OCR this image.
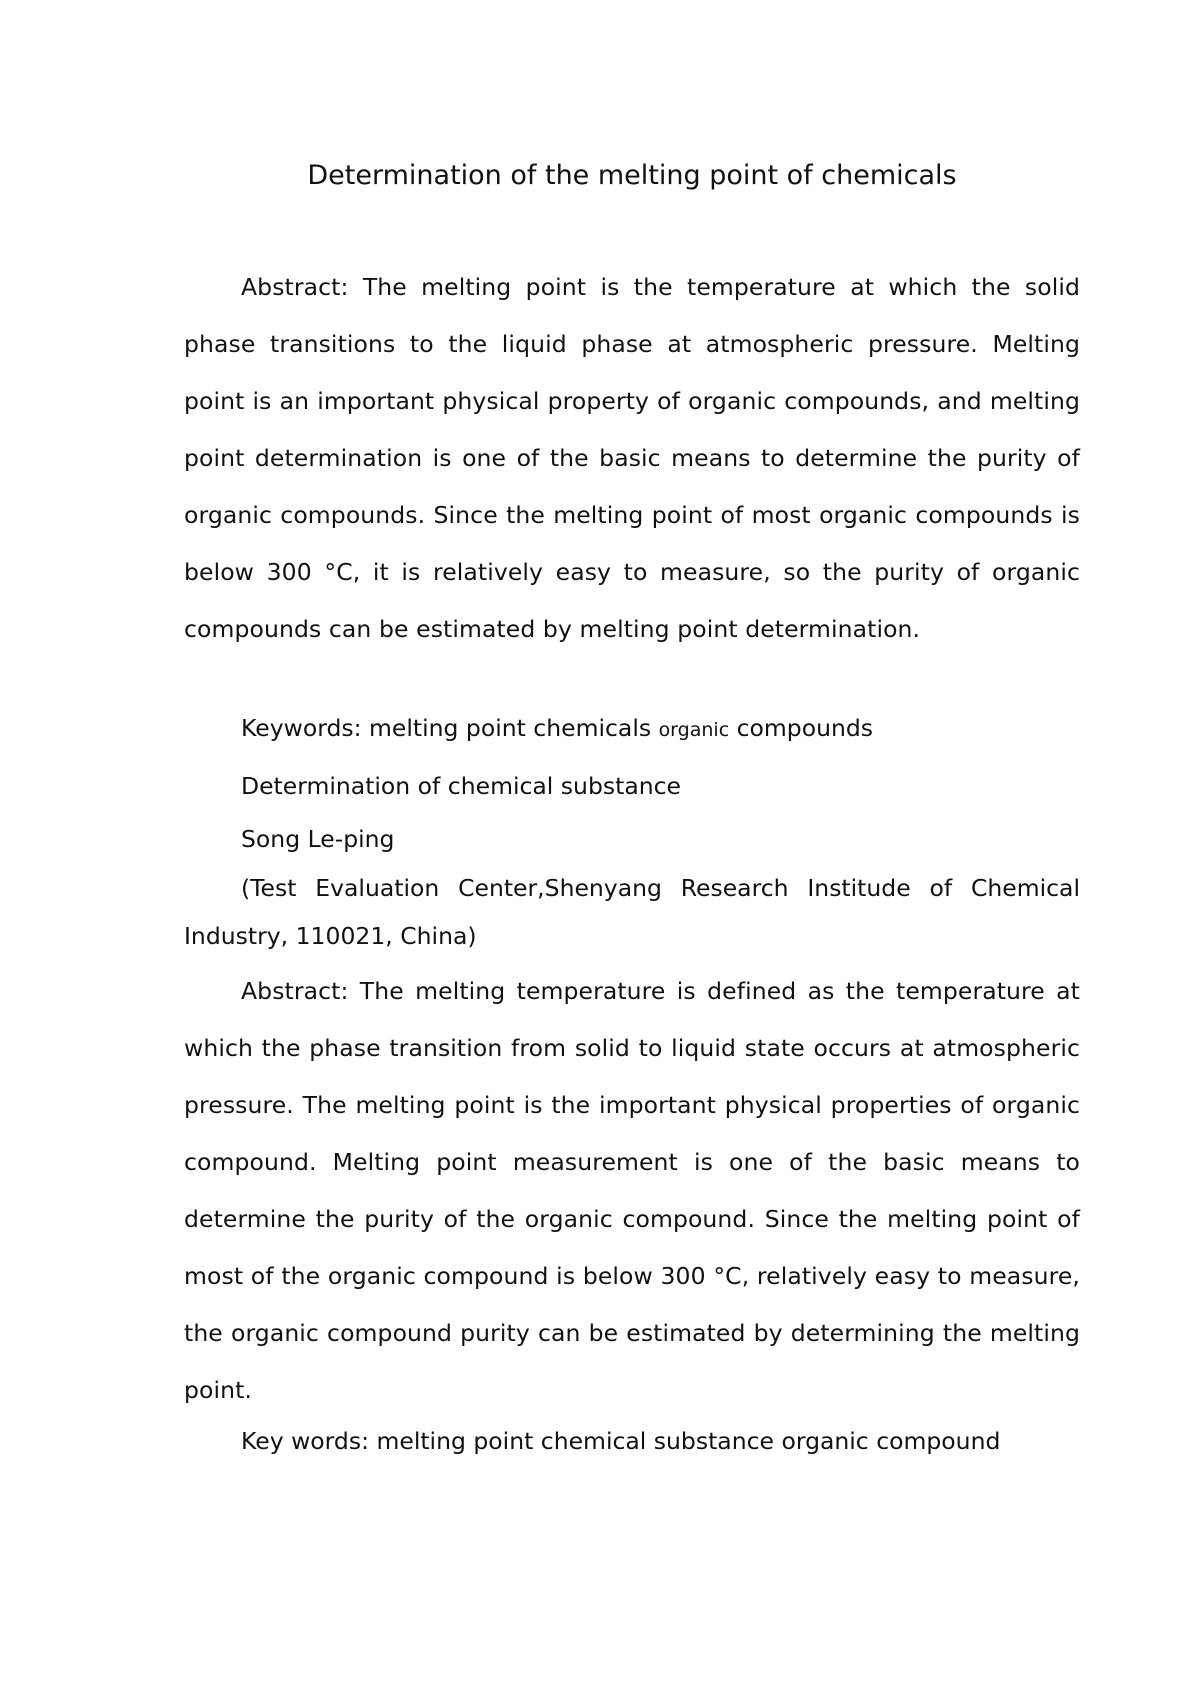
Determination of the melting point of chemicals

Abstract: The melting point is the temperature at which the solid phase transitions to the liquid phase at atmospheric pressure. Melting point is an important physical property of organic compounds, and melting point determination is one of the basic means to determine the purity of organic compounds. Since the melting point of most organic compounds is below 300 °C, it is relatively easy to measure, so the purity of organic compounds can be estimated by melting point determination.

Keywords: melting point chemicals organic compounds

Determination of chemical substance

Song Le-ping

(Test Evaluation Center,Shenyang Research Institude of Chemical Industry, 110021, China)

Abstract: The melting temperature is defined as the temperature at which the phase transition from solid to liquid state occurs at atmospheric pressure. The melting point is the important physical properties of organic compound. Melting point measurement is one of the basic means to determine the purity of the organic compound. Since the melting point of most of the organic compound is below 300 °C, relatively easy to measure, the organic compound purity can be estimated by determining the melting point.

Key words: melting point chemical substance organic compound
